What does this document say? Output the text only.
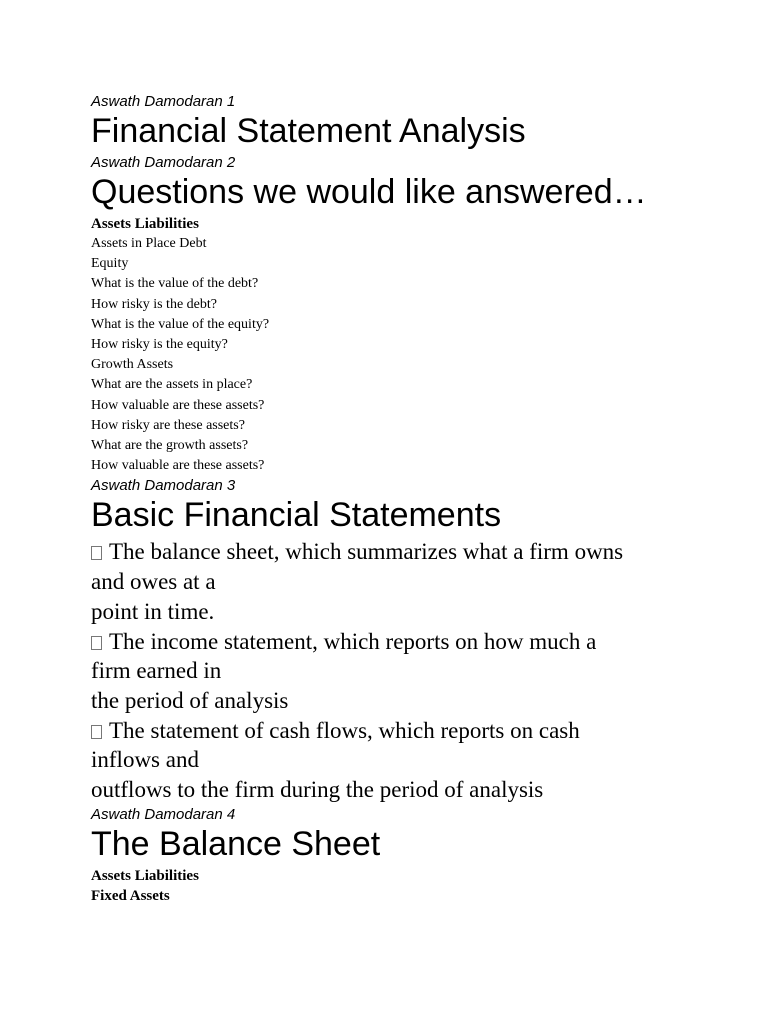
Aswath Damodaran 1

Financial Statement Analysis

Aswath Damodaran 2

Questions we would like answered…

Assets Liabilities

Assets in Place Debt

Equity

What is the value of the debt?

How risky is the debt?

What is the value of the equity?

How risky is the equity?

Growth Assets

What are the assets in place?

How valuable are these assets?

How risky are these assets?

What are the growth assets?

How valuable are these assets?

Aswath Damodaran 3

Basic Financial Statements

The balance sheet, which summarizes what a firm owns

and owes at a

point in time.

The income statement, which reports on how much a

firm earned in

the period of analysis

The statement of cash flows, which reports on cash

inflows and

outflows to the firm during the period of analysis

Aswath Damodaran 4

The Balance Sheet

Assets Liabilities

Fixed Assets
